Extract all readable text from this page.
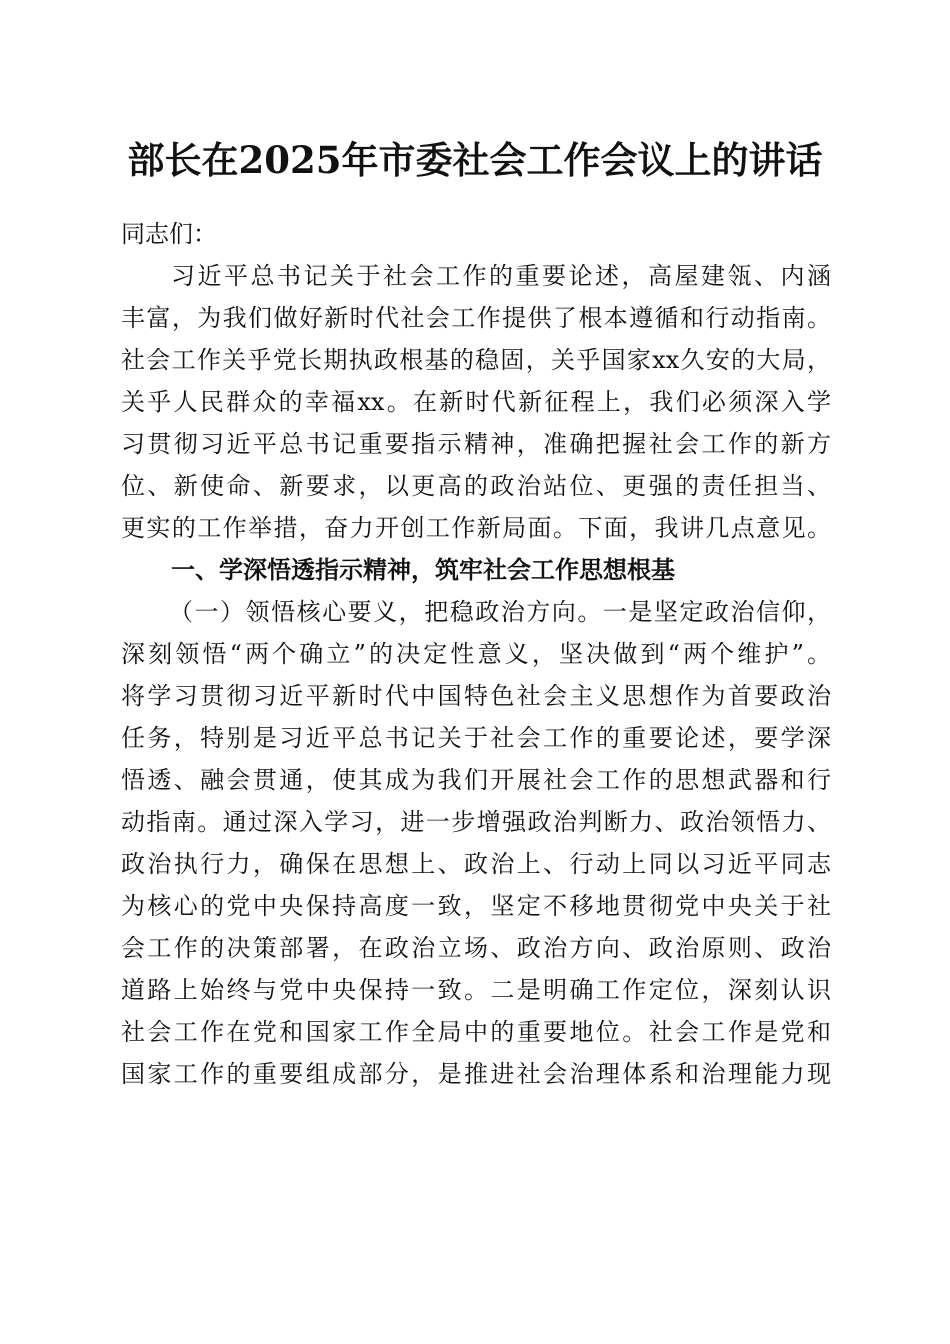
部长在2025年市委社会工作会议上的讲话
同志们：
习近平总书记关于社会工作的重要论述，高屋建瓴、内涵
丰富，为我们做好新时代社会工作提供了根本遵循和行动指南。
社会工作关乎党长期执政根基的稳固，关乎国家xx久安的大局，
关乎人民群众的幸福xx。在新时代新征程上，我们必须深入学
习贯彻习近平总书记重要指示精神，准确把握社会工作的新方
位、新使命、新要求，以更高的政治站位、更强的责任担当、
更实的工作举措，奋力开创工作新局面。下面，我讲几点意见。
一、学深悟透指示精神，筑牢社会工作思想根基
（一）领悟核心要义，把稳政治方向。一是坚定政治信仰，
深刻领悟“两个确立”的决定性意义，坚决做到“两个维护”。
将学习贯彻习近平新时代中国特色社会主义思想作为首要政治
任务，特别是习近平总书记关于社会工作的重要论述，要学深
悟透、融会贯通，使其成为我们开展社会工作的思想武器和行
动指南。通过深入学习，进一步增强政治判断力、政治领悟力、
政治执行力，确保在思想上、政治上、行动上同以习近平同志
为核心的党中央保持高度一致，坚定不移地贯彻党中央关于社
会工作的决策部署，在政治立场、政治方向、政治原则、政治
道路上始终与党中央保持一致。二是明确工作定位，深刻认识
社会工作在党和国家工作全局中的重要地位。社会工作是党和
国家工作的重要组成部分，是推进社会治理体系和治理能力现
